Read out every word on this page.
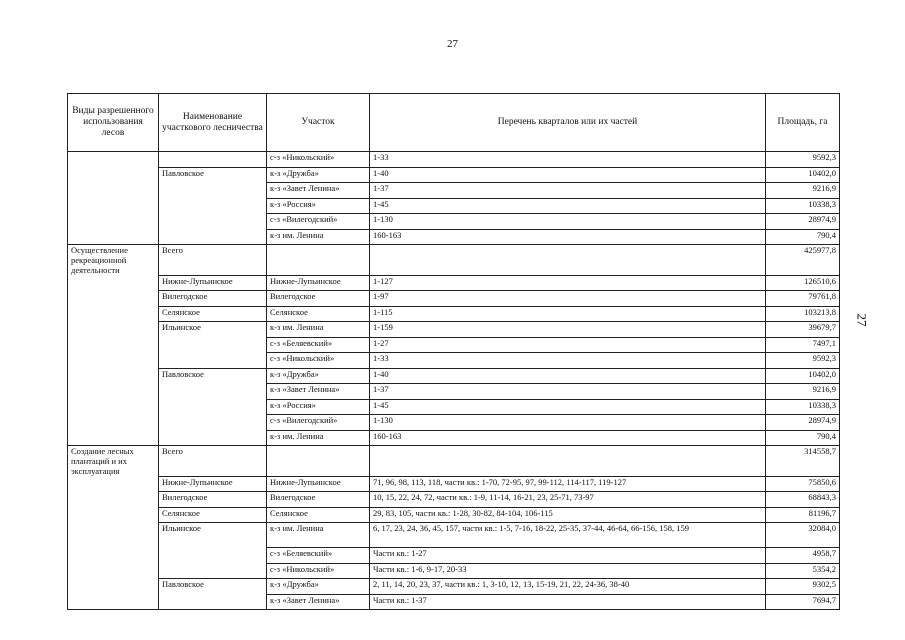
27
27
Виды разрешенного использования лесов	Наименование участкового лесничества	Участок	Перечень кварталов или их частей	Площадь, га
		с-з «Никольский»	1-33	9592,3
	Павловское	к-з «Дружба»	1-40	10402,0
		к-з «Завет Ленина»	1-37	9216,9
		к-з «Россия»	1-45	10338,3
		с-з «Вилегодский»	1-130	28974,9
		к-з им. Ленина	160-163	790,4
Осуществление рекреационной деятельности	Всего			425977,8
	Нижне-Лупьинское	Нижне-Лупьинское	1-127	126510,6
	Вилегодское	Вилегодское	1-97	79761,8
	Селянское	Селянское	1-115	103213,8
	Ильинское	к-з им. Ленина	1-159	39679,7
		с-з «Беляевский»	1-27	7497,1
		с-з «Никольский»	1-33	9592,3
	Павловское	к-з «Дружба»	1-40	10402,0
		к-з «Завет Ленина»	1-37	9216,9
		к-з «Россия»	1-45	10338,3
		с-з «Вилегодский»	1-130	28974,9
		к-з им. Ленина	160-163	790,4
Создание лесных плантаций и их эксплуатация	Всего			314558,7
	Нижне-Лупьинское	Нижне-Лупьинское	71, 96, 98, 113, 118, части кв.: 1-70, 72-95, 97, 99-112, 114-117, 119-127	75850,6
	Вилегодское	Вилегодское	10, 15, 22, 24, 72, части кв.: 1-9, 11-14, 16-21, 23, 25-71, 73-97	68843,3
	Селянское	Селянское	29, 83, 105, части кв.: 1-28, 30-82, 84-104, 106-115	81196,7
	Ильинское	к-з им. Ленина	6, 17, 23, 24, 36, 45, 157, части кв.: 1-5, 7-16, 18-22, 25-35, 37-44, 46-64, 66-156, 158, 159	32084,0
		с-з «Беляевский»	Части кв.: 1-27	4958,7
		с-з «Никольский»	Части кв.: 1-6, 9-17, 20-33	5354,2
	Павловское	к-з «Дружба»	2, 11, 14, 20, 23, 37, части кв.: 1, 3-10, 12, 13, 15-19, 21, 22, 24-36, 38-40	9302,5
		к-з «Завет Ленина»	Части кв.: 1-37	7694,7
